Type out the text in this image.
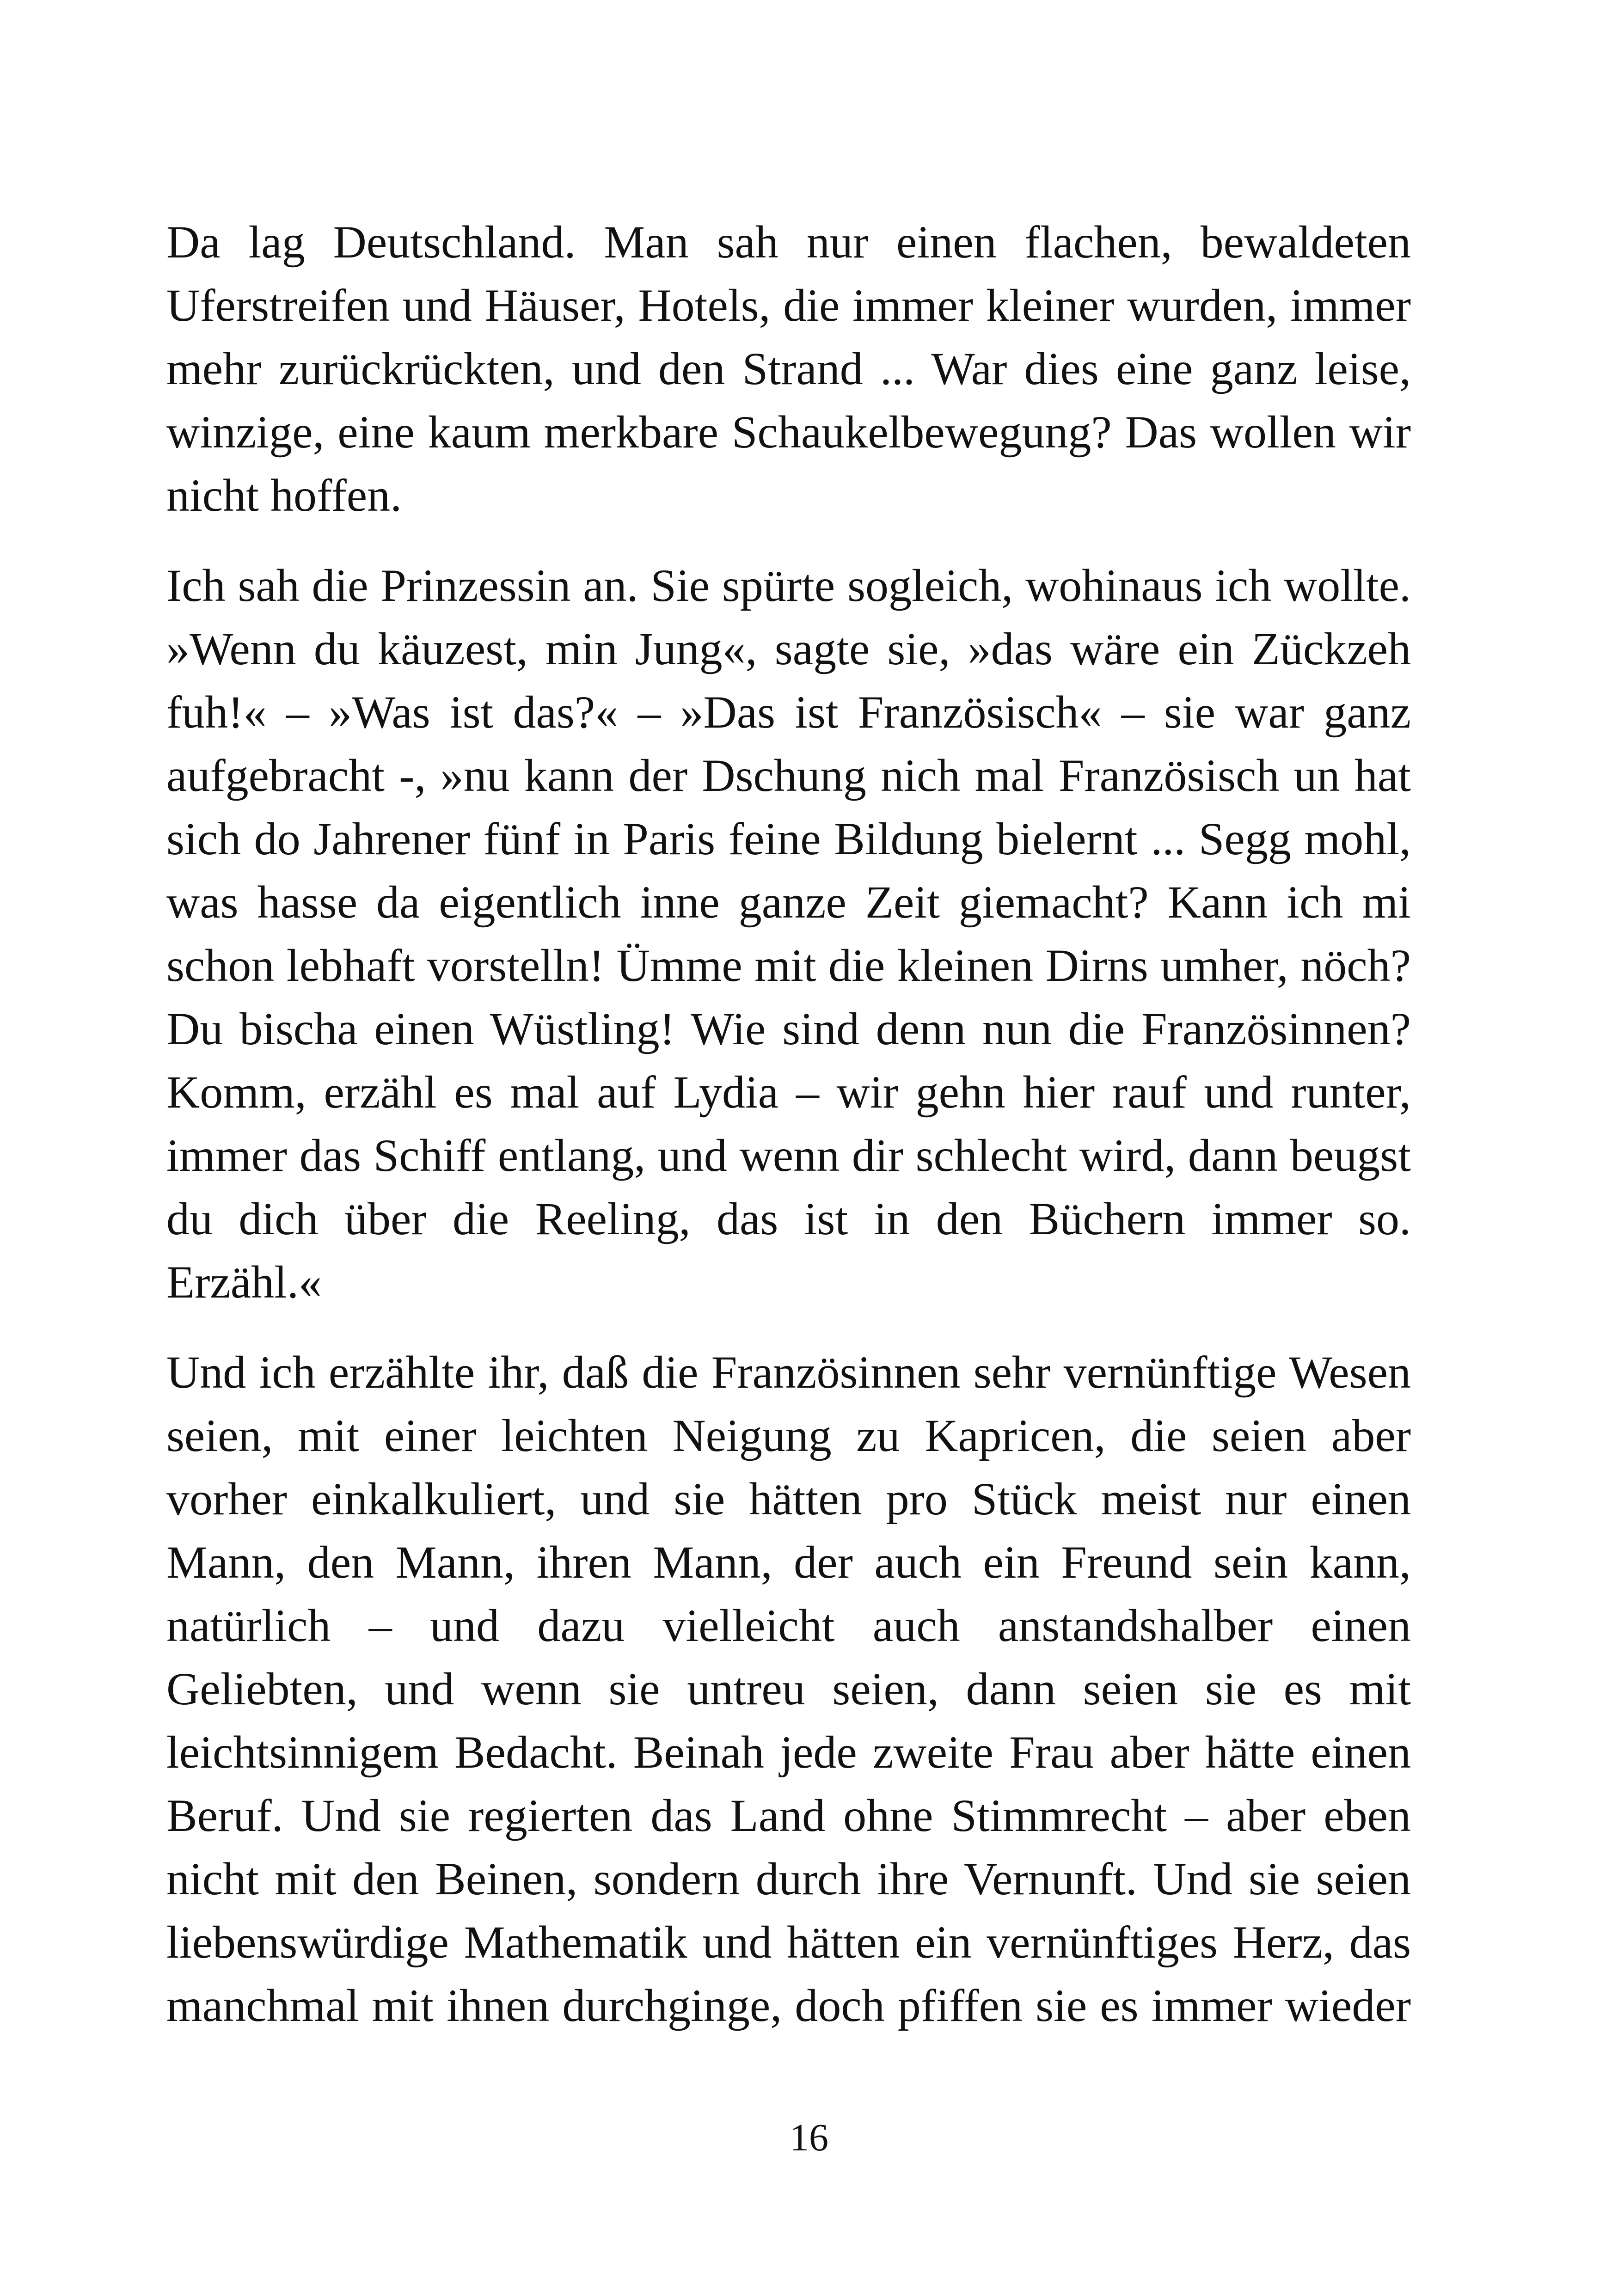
Da lag Deutschland. Man sah nur einen flachen, bewaldeten Uferstreifen und Häuser, Hotels, die immer kleiner wurden, immer mehr zurückrückten, und den Strand ... War dies eine ganz leise, winzige, eine kaum merkbare Schaukelbewegung? Das wollen wir nicht hoffen.

Ich sah die Prinzessin an. Sie spürte sogleich, wohinaus ich wollte. »Wenn du käuzest, min Jung«, sagte sie, »das wäre ein Zückzeh fuh!« – »Was ist das?« – »Das ist Französisch« – sie war ganz aufgebracht -, »nu kann der Dschung nich mal Französisch un hat sich do Jahrener fünf in Paris feine Bildung bielernt ... Segg mohl, was hasse da eigentlich inne ganze Zeit giemacht? Kann ich mi schon lebhaft vorstelln! Ümme mit die kleinen Dirns umher, nöch? Du bischa einen Wüstling! Wie sind denn nun die Französinnen? Komm, erzähl es mal auf Lydia – wir gehn hier rauf und runter, immer das Schiff entlang, und wenn dir schlecht wird, dann beugst du dich über die Reeling, das ist in den Büchern immer so. Erzähl.«

Und ich erzählte ihr, daß die Französinnen sehr vernünftige Wesen seien, mit einer leichten Neigung zu Kapricen, die seien aber vorher einkalkuliert, und sie hätten pro Stück meist nur einen Mann, den Mann, ihren Mann, der auch ein Freund sein kann, natürlich – und dazu vielleicht auch anstandshalber einen Geliebten, und wenn sie untreu seien, dann seien sie es mit leichtsinnigem Bedacht. Beinah jede zweite Frau aber hätte einen Beruf. Und sie regierten das Land ohne Stimmrecht – aber eben nicht mit den Beinen, sondern durch ihre Vernunft. Und sie seien liebenswürdige Mathematik und hätten ein vernünftiges Herz, das manchmal mit ihnen durchginge, doch pfiffen sie es immer wieder

16
